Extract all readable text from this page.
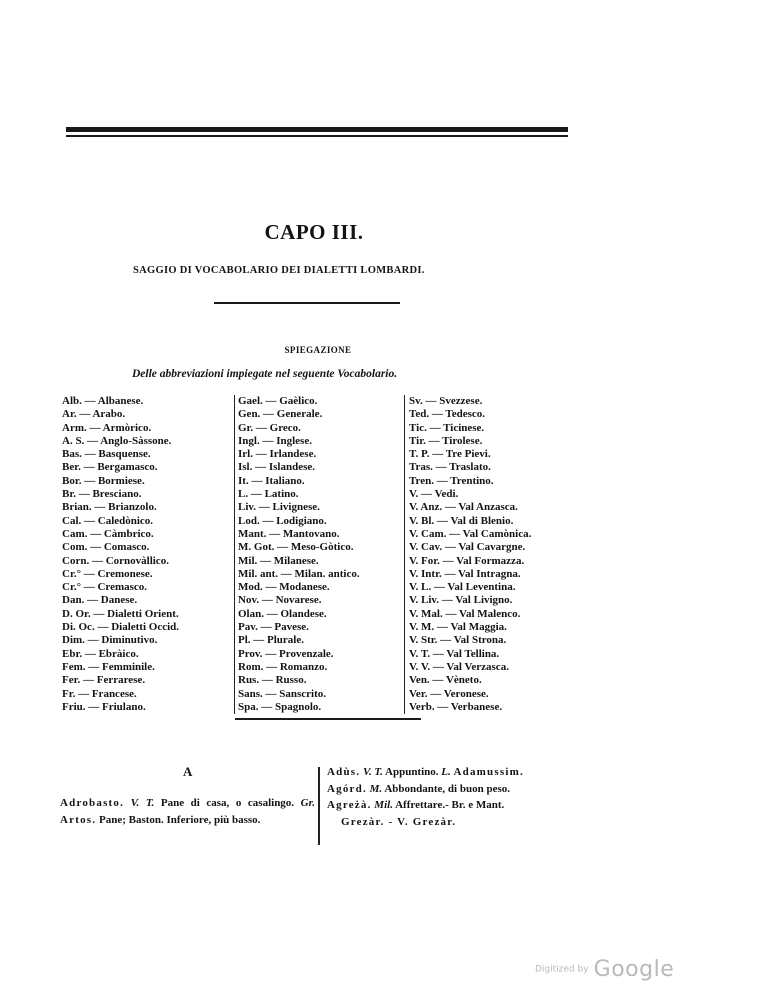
CAPO III.
SAGGIO DI VOCABOLARIO DEI DIALETTI LOMBARDI.
SPIEGAZIONE
Delle abbreviazioni impiegate nel seguente Vocabolario.
Alb. — Albanese.
Ar. — Arabo.
Arm. — Armòrico.
A. S. — Anglo-Sàssone.
Bas. — Basquense.
Ber. — Bergamasco.
Bor. — Bormiese.
Br. — Bresciano.
Brian. — Brianzolo.
Cal. — Caledònico.
Cam. — Càmbrico.
Com. — Comasco.
Corn. — Cornovàllico.
Cr.° — Cremonese.
Cr.° — Cremasco.
Dan. — Danese.
D. Or. — Dialetti Orient.
Di. Oc. — Dialetti Occid.
Dim. — Diminutivo.
Ebr. — Ebràico.
Fem. — Femminile.
Fer. — Ferrarese.
Fr. — Francese.
Friu. — Friulano.
Gael. — Gaèlico.
Gen. — Generale.
Gr. — Greco.
Ingl. — Inglese.
Irl. — Irlandese.
Isl. — Islandese.
It. — Italiano.
L. — Latino.
Liv. — Livignese.
Lod. — Lodigiano.
Mant. — Mantovano.
M. Got. — Meso-Gòtico.
Mil. — Milanese.
Mil. ant. — Milan. antico.
Mod. — Modanese.
Nov. — Novarese.
Olan. — Olandese.
Pav. — Pavese.
Pl. — Plurale.
Prov. — Provenzale.
Rom. — Romanzo.
Rus. — Russo.
Sans. — Sanscrito.
Spa. — Spagnolo.
Sv. — Svezzese.
Ted. — Tedesco.
Tic. — Ticinese.
Tir. — Tirolese.
T. P. — Tre Pievi.
Tras. — Traslato.
Tren. — Trentino.
V. — Vedi.
V. Anz. — Val Anzasca.
V. Bl. — Val di Blenio.
V. Cam. — Val Camònica.
V. Cav. — Val Cavargne.
V. For. — Val Formazza.
V. Intr. — Val Intragna.
V. L. — Val Leventina.
V. Liv. — Val Livigno.
V. Mal. — Val Malenco.
V. M. — Val Maggia.
V. Str. — Val Strona.
V. T. — Val Tellina.
V. V. — Val Verzasca.
Ven. — Vèneto.
Ver. — Veronese.
Verb. — Verbanese.
A
Adrobasto. V. T. Pane di casa, o casalingo. Gr. Artos. Pane; Baston. Inferiore, più basso.
Adùs. V. T. Appuntino. L. Adamussim.
Agórd. M. Abbondante, di buon peso.
Agreżà. Mil. Affrettare.- Br. e Mant.
Grezàr. - V. Grezàr.
Digitized by Google
